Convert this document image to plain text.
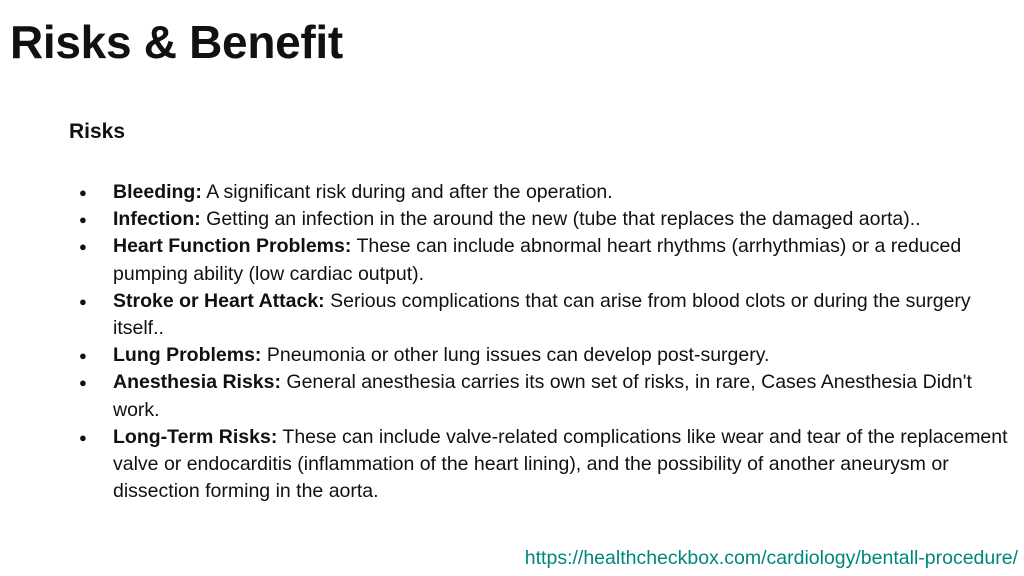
Risks & Benefit
Risks
● Bleeding: A significant risk during and after the operation.
● Infection: Getting an infection in the around the new (tube that replaces the damaged aorta)..
● Heart Function Problems: These can include abnormal heart rhythms (arrhythmias) or a reduced pumping ability (low cardiac output).
● Stroke or Heart Attack: Serious complications that can arise from blood clots or during the surgery itself..
● Lung Problems: Pneumonia or other lung issues can develop post-surgery.
● Anesthesia Risks: General anesthesia carries its own set of risks, in rare, Cases Anesthesia Didn't work.
● Long-Term Risks: These can include valve-related complications like wear and tear of the replacement valve or endocarditis (inflammation of the heart lining), and the possibility of another aneurysm or dissection forming in the aorta.
https://healthcheckbox.com/cardiology/bentall-procedure/
